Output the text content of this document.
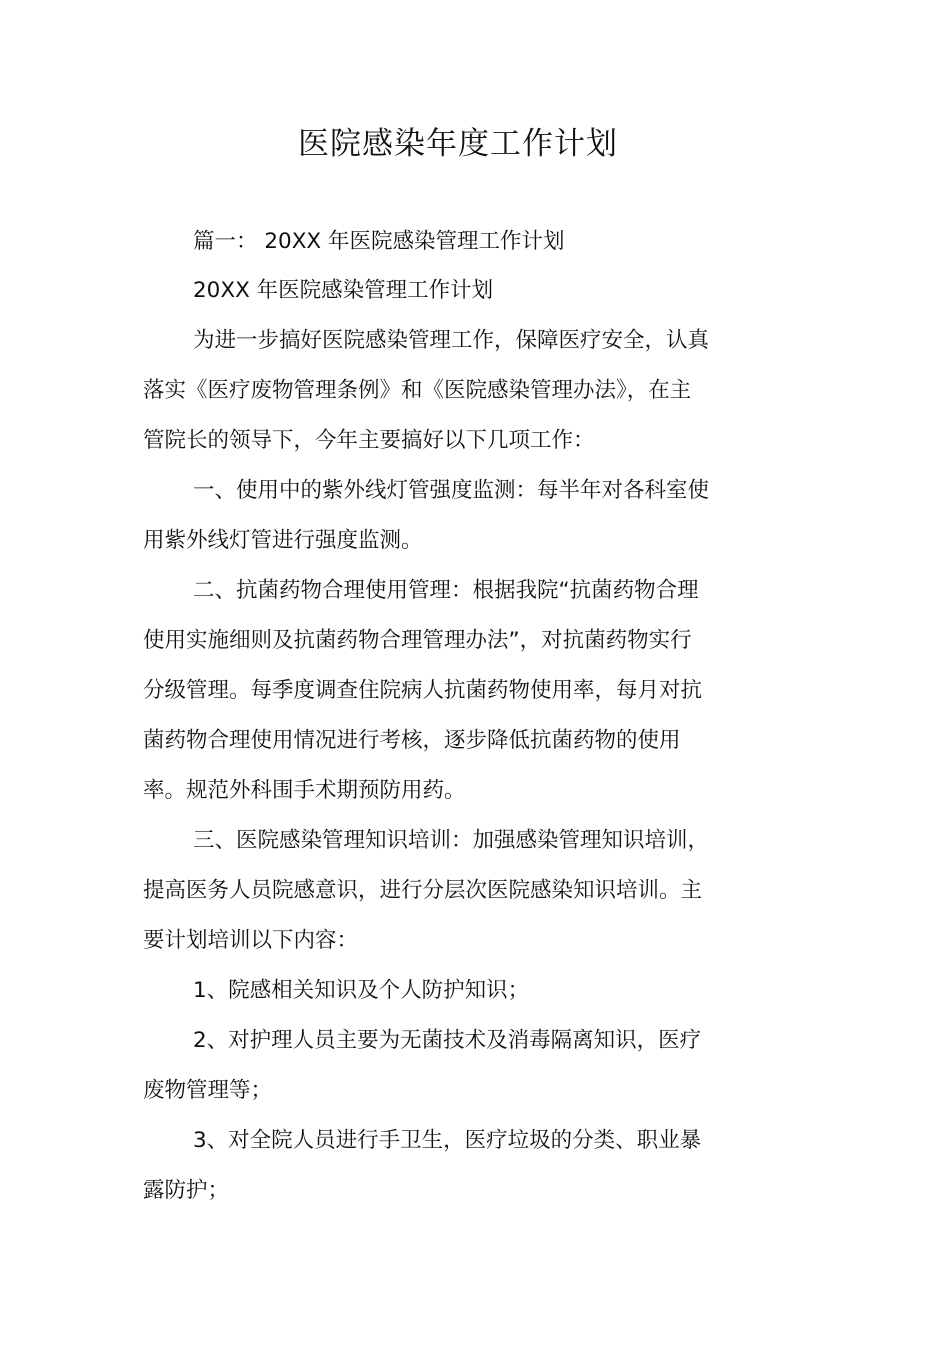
医院感染年度工作计划

篇一： 20XX 年医院感染管理工作计划

20XX 年医院感染管理工作计划

为进一步搞好医院感染管理工作，保障医疗安全，认真

落实《医疗废物管理条例》和《医院感染管理办法》，在主

管院长的领导下，今年主要搞好以下几项工作：

一、使用中的紫外线灯管强度监测：每半年对各科室使

用紫外线灯管进行强度监测。

二、抗菌药物合理使用管理：根据我院“抗菌药物合理

使用实施细则及抗菌药物合理管理办法”，对抗菌药物实行

分级管理。每季度调查住院病人抗菌药物使用率，每月对抗

菌药物合理使用情况进行考核，逐步降低抗菌药物的使用

率。规范外科围手术期预防用药。

三、医院感染管理知识培训：加强感染管理知识培训，

提高医务人员院感意识，进行分层次医院感染知识培训。主

要计划培训以下内容：

1、院感相关知识及个人防护知识；

2、对护理人员主要为无菌技术及消毒隔离知识，医疗

废物管理等；

3、对全院人员进行手卫生，医疗垃圾的分类、职业暴

露防护；
